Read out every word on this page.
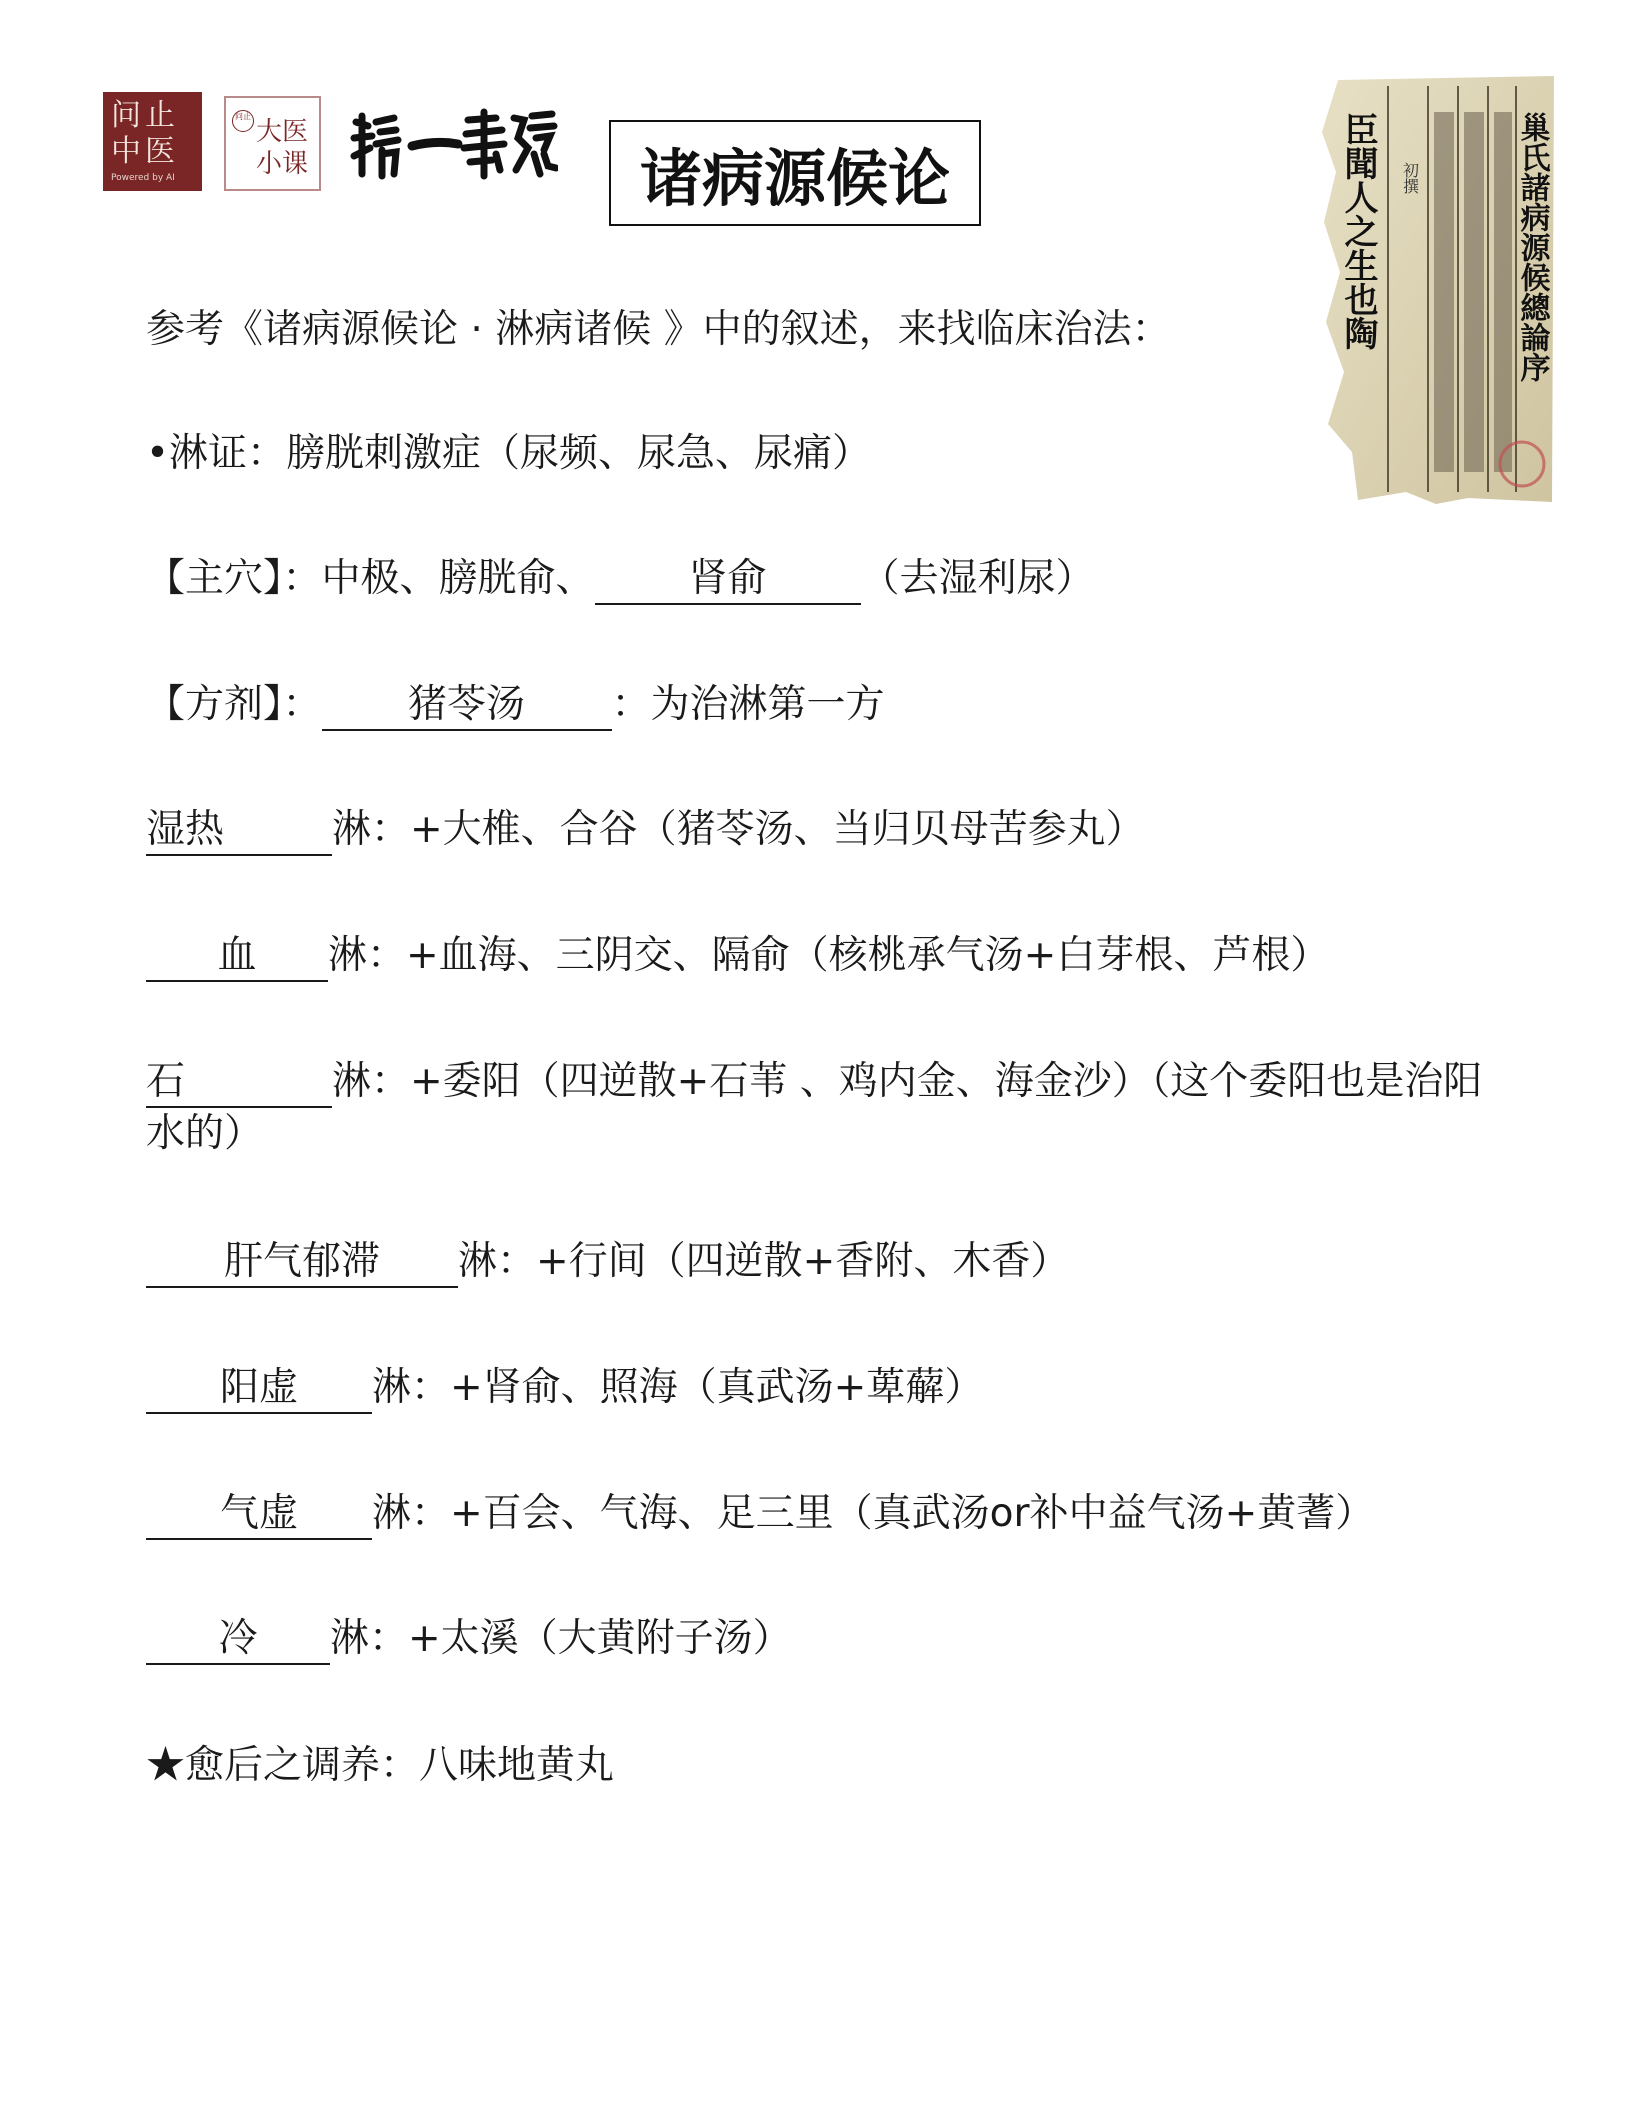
问止
中医
Powered by AI
问止
大医
小课	诸病源候论	巢氏諸病源候總論序
臣聞人之生也陶 初撰
参考《诸病源候论 · 淋病诸候 》中的叙述，来找临床治法：
•淋证：膀胱刺激症（尿频、尿急、尿痛）
【主穴】：中极、膀胱俞、 肾俞 （去湿利尿）
【方剂】： 猪苓汤 ：为治淋第一方
湿热	淋：+大椎、合谷（猪苓汤、当归贝母苦参丸）
血 淋：+血海、三阴交、隔俞（核桃承气汤+白芽根、芦根）
石	淋：+委阳（四逆散+石苇 、鸡内金、海金沙）（这个委阳也是治阳
水的）
肝气郁滞 淋：+行间（四逆散+香附、木香）
阳虚 淋：+肾俞、照海（真武汤+萆薢）
气虚 淋：+百会、气海、足三里（真武汤or补中益气汤+黄蓍）
冷 淋：+太溪（大黄附子汤）
★愈后之调养：八味地黄丸
